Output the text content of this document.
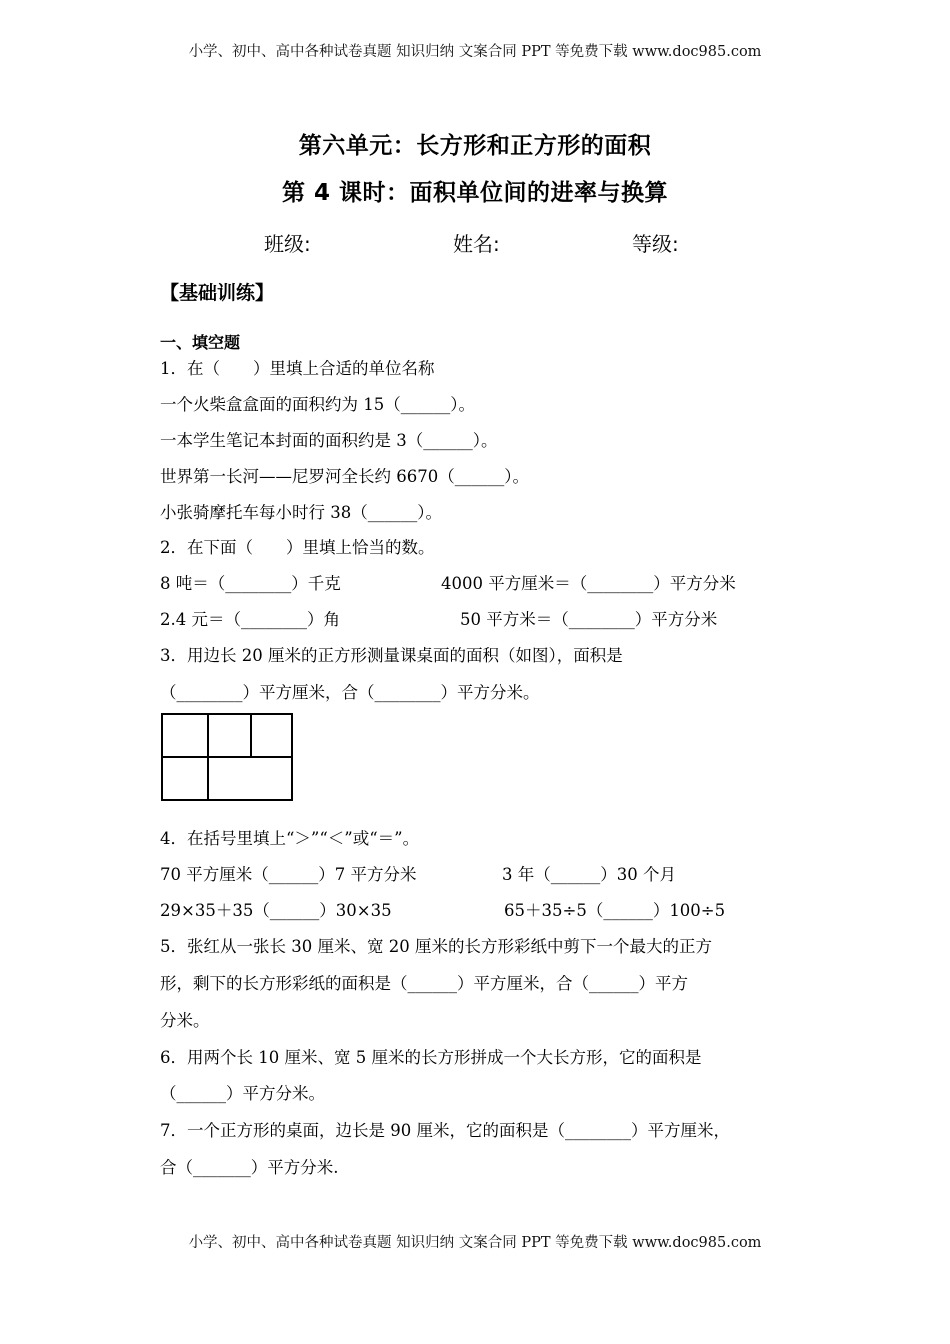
小学、初中、高中各种试卷真题 知识归纳 文案合同 PPT 等免费下载 www.doc985.com
第六单元：长方形和正方形的面积
第 4 课时：面积单位间的进率与换算
班级:	姓名:	等级:
【基础训练】
一、填空题
1．在（　　）里填上合适的单位名称
一个火柴盒盒面的面积约为 15（______）。
一本学生笔记本封面的面积约是 3（______）。
世界第一长河——尼罗河全长约 6670（______）。
小张骑摩托车每小时行 38（______）。
2．在下面（　　）里填上恰当的数。
8 吨＝（________）千克	4000 平方厘米＝（________）平方分米
2.4 元＝（________）角	50 平方米＝（________）平方分米
3．用边长 20 厘米的正方形测量课桌面的面积（如图），面积是
（________）平方厘米，合（________）平方分米。
4．在括号里填上“＞”“＜”或“＝”。
70 平方厘米（______）7 平方分米	3 年（______）30 个月
29×35＋35（______）30×35	65＋35÷5（______）100÷5
5．张红从一张长 30 厘米、宽 20 厘米的长方形彩纸中剪下一个最大的正方
形，剩下的长方形彩纸的面积是（______）平方厘米，合（______）平方
分米。
6．用两个长 10 厘米、宽 5 厘米的长方形拼成一个大长方形，它的面积是
（______）平方分米。
7．一个正方形的桌面，边长是 90 厘米，它的面积是（________）平方厘米，
合（_______）平方分米.
小学、初中、高中各种试卷真题 知识归纳 文案合同 PPT 等免费下载 www.doc985.com
